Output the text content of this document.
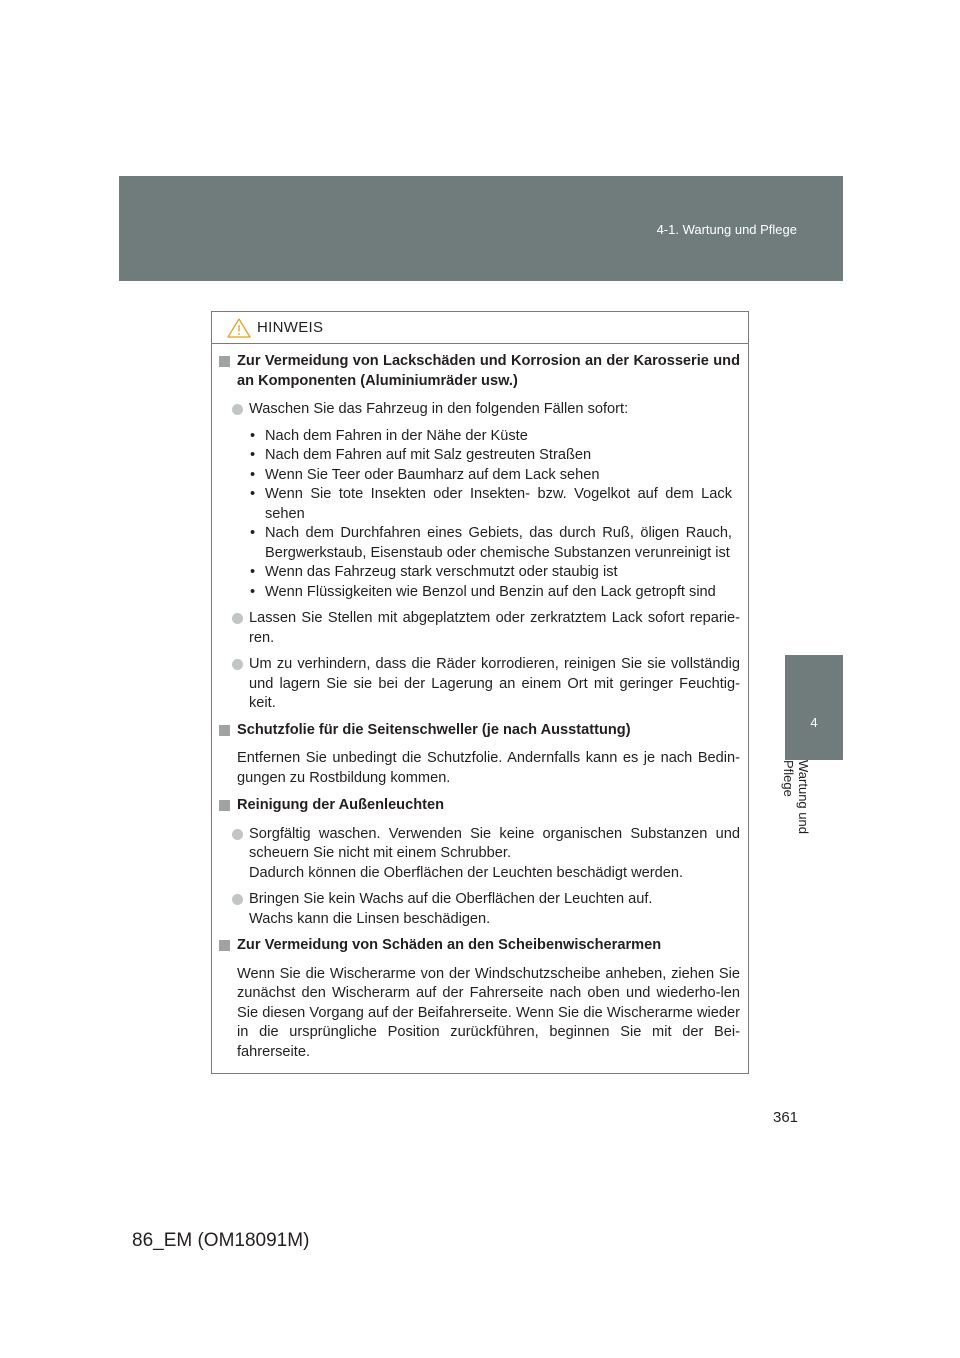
4-1. Wartung und Pflege
4
Wartung und Pflege
HINWEIS
Zur Vermeidung von Lackschäden und Korrosion an der Karosserie und an Komponenten (Aluminiumräder usw.)
Waschen Sie das Fahrzeug in den folgenden Fällen sofort:
• Nach dem Fahren in der Nähe der Küste
• Nach dem Fahren auf mit Salz gestreuten Straßen
• Wenn Sie Teer oder Baumharz auf dem Lack sehen
• Wenn Sie tote Insekten oder Insekten- bzw. Vogelkot auf dem Lack sehen
• Nach dem Durchfahren eines Gebiets, das durch Ruß, öligen Rauch, Bergwerkstaub, Eisenstaub oder chemische Substanzen verunreinigt ist
• Wenn das Fahrzeug stark verschmutzt oder staubig ist
• Wenn Flüssigkeiten wie Benzol und Benzin auf den Lack getropft sind
Lassen Sie Stellen mit abgeplatztem oder zerkratztem Lack sofort reparie-ren.
Um zu verhindern, dass die Räder korrodieren, reinigen Sie sie vollständig und lagern Sie sie bei der Lagerung an einem Ort mit geringer Feuchtig-keit.
Schutzfolie für die Seitenschweller (je nach Ausstattung)
Entfernen Sie unbedingt die Schutzfolie. Andernfalls kann es je nach Bedin-gungen zu Rostbildung kommen.
Reinigung der Außenleuchten
Sorgfältig waschen. Verwenden Sie keine organischen Substanzen und scheuern Sie nicht mit einem Schrubber.
Dadurch können die Oberflächen der Leuchten beschädigt werden.
Bringen Sie kein Wachs auf die Oberflächen der Leuchten auf.
Wachs kann die Linsen beschädigen.
Zur Vermeidung von Schäden an den Scheibenwischerarmen
Wenn Sie die Wischerarme von der Windschutzscheibe anheben, ziehen Sie zunächst den Wischerarm auf der Fahrerseite nach oben und wiederho-len Sie diesen Vorgang auf der Beifahrerseite. Wenn Sie die Wischerarme wieder in die ursprüngliche Position zurückführen, beginnen Sie mit der Bei-fahrerseite.
361
86_EM (OM18091M)
